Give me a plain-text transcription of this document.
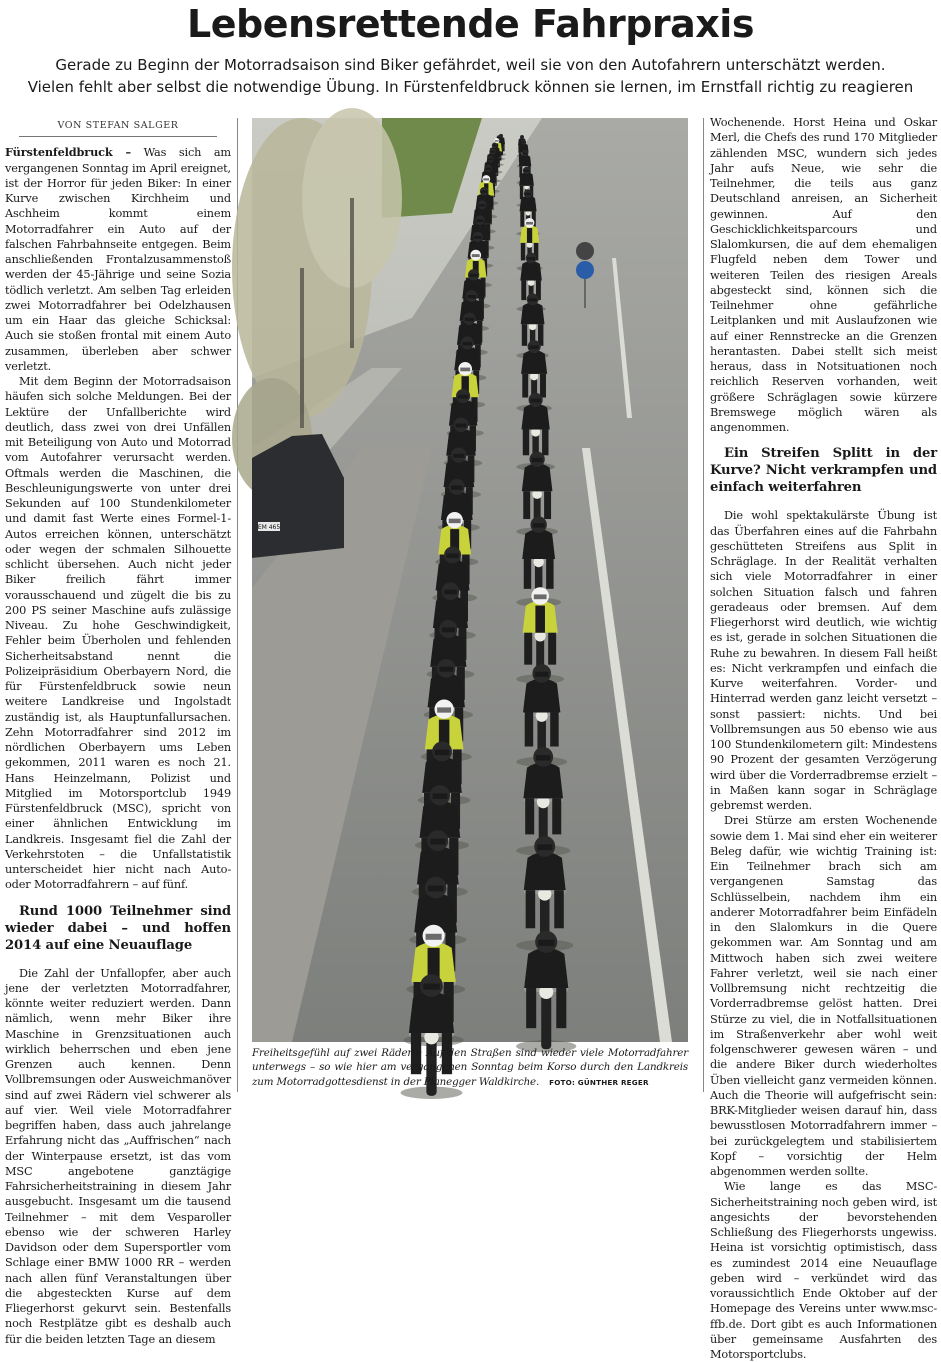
Lebensrettende Fahrpraxis

Gerade zu Beginn der Motorradsaison sind Biker gefährdet, weil sie von den Autofahrern unterschätzt werden.

Vielen fehlt aber selbst die notwendige Übung. In Fürstenfeldbruck können sie lernen, im Ernstfall richtig zu reagieren

VON STEFAN SALGER

Fürstenfeldbruck – Was sich am vergangenen Sonntag im April ereignet, ist der Horror für jeden Biker: In einer Kurve zwischen Kirchheim und Aschheim kommt einem Motorradfahrer ein Auto auf der falschen Fahrbahnseite entgegen. Beim anschließenden Frontalzusammenstoß werden der 45-Jährige und seine Sozia tödlich verletzt. Am selben Tag erleiden zwei Motorradfahrer bei Odelzhausen um ein Haar das gleiche Schicksal: Auch sie stoßen frontal mit einem Auto zusammen, überleben aber schwer verletzt.

Mit dem Beginn der Motorradsaison häufen sich solche Meldungen. Bei der Lektüre der Unfallberichte wird deutlich, dass zwei von drei Unfällen mit Beteiligung von Auto und Motorrad vom Autofahrer verursacht werden. Oftmals werden die Maschinen, die Beschleunigungswerte von unter drei Sekunden auf 100 Stundenkilometer und damit fast Werte eines Formel-1-Autos erreichen können, unterschätzt oder wegen der schmalen Silhouette schlicht übersehen. Auch nicht jeder Biker freilich fährt immer vorausschauend und zügelt die bis zu 200 PS seiner Maschine aufs zulässige Niveau. Zu hohe Geschwindigkeit, Fehler beim Überholen und fehlenden Sicherheitsabstand nennt die Polizeipräsidium Oberbayern Nord, die für Fürstenfeldbruck sowie neun weitere Landkreise und Ingolstadt zuständig ist, als Hauptunfallursachen. Zehn Motorradfahrer sind 2012 im nördlichen Oberbayern ums Leben gekommen, 2011 waren es noch 21. Hans Heinzelmann, Polizist und Mitglied im Motorsportclub 1949 Fürstenfeldbruck (MSC), spricht von einer ähnlichen Entwicklung im Landkreis. Insgesamt fiel die Zahl der Verkehrstoten – die Unfallstatistik unterscheidet hier nicht nach Auto- oder Motorradfahrern – auf fünf.

Rund 1000 Teilnehmer sind wieder dabei – und hoffen 2014 auf eine Neuauflage

Die Zahl der Unfallopfer, aber auch jene der verletzten Motorradfahrer, könnte weiter reduziert werden. Dann nämlich, wenn mehr Biker ihre Maschine in Grenzsituationen auch wirklich beherrschen und eben jene Grenzen auch kennen. Denn Vollbremsungen oder Ausweichmanöver sind auf zwei Rädern viel schwerer als auf vier. Weil viele Motorradfahrer begriffen haben, dass auch jahrelange Erfahrung nicht das „Auffrischen“ nach der Winterpause ersetzt, ist das vom MSC angebotene ganztägige Fahrsicherheitstraining in diesem Jahr ausgebucht. Insgesamt um die tausend Teilnehmer – mit dem Vesparoller ebenso wie der schweren Harley Davidson oder dem Supersportler vom Schlage einer BMW 1000 RR – werden nach allen fünf Veranstaltungen über die abgesteckten Kurse auf dem Fliegerhorst gekurvt sein. Bestenfalls noch Restplätze gibt es deshalb auch für die beiden letzten Tage an diesem

EM 465
Freiheitsgefühl auf zwei Rädern: Auf den Straßen sind wieder viele Motorradfahrer unterwegs – so wie hier am vergangenen Sonntag beim Korso durch den Landkreis zum Motorradgottesdienst in der Planegger Waldkirche. FOTO: GÜNTHER REGER

Wochenende. Horst Heina und Oskar Merl, die Chefs des rund 170 Mitglieder zählenden MSC, wundern sich jedes Jahr aufs Neue, wie sehr die Teilnehmer, die teils aus ganz Deutschland anreisen, an Sicherheit gewinnen. Auf den Geschicklichkeitsparcours und Slalomkursen, die auf dem ehemaligen Flugfeld neben dem Tower und weiteren Teilen des riesigen Areals abgesteckt sind, können sich die Teilnehmer ohne gefährliche Leitplanken und mit Auslaufzonen wie auf einer Rennstrecke an die Grenzen herantasten. Dabei stellt sich meist heraus, dass in Notsituationen noch reichlich Reserven vorhanden, weit größere Schräglagen sowie kürzere Bremswege möglich wären als angenommen.

Ein Streifen Splitt in der Kurve? Nicht verkrampfen und einfach weiterfahren

Die wohl spektakulärste Übung ist das Überfahren eines auf die Fahrbahn geschütteten Streifens aus Split in Schräglage. In der Realität verhalten sich viele Motorradfahrer in einer solchen Situation falsch und fahren geradeaus oder bremsen. Auf dem Fliegerhorst wird deutlich, wie wichtig es ist, gerade in solchen Situationen die Ruhe zu bewahren. In diesem Fall heißt es: Nicht verkrampfen und einfach die Kurve weiterfahren. Vorder- und Hinterrad werden ganz leicht versetzt – sonst passiert: nichts. Und bei Vollbremsungen aus 50 ebenso wie aus 100 Stundenkilometern gilt: Mindestens 90 Prozent der gesamten Verzögerung wird über die Vorderradbremse erzielt – in Maßen kann sogar in Schräglage gebremst werden.

Drei Stürze am ersten Wochenende sowie dem 1. Mai sind eher ein weiterer Beleg dafür, wie wichtig Training ist: Ein Teilnehmer brach sich am vergangenen Samstag das Schlüsselbein, nachdem ihm ein anderer Motorradfahrer beim Einfädeln in den Slalomkurs in die Quere gekommen war. Am Sonntag und am Mittwoch haben sich zwei weitere Fahrer verletzt, weil sie nach einer Vollbremsung nicht rechtzeitig die Vorderradbremse gelöst hatten. Drei Stürze zu viel, die in Notfallsituationen im Straßenverkehr aber wohl weit folgenschwerer gewesen wären – und die andere Biker durch wiederholtes Üben vielleicht ganz vermeiden können. Auch die Theorie will aufgefrischt sein: BRK-Mitglieder weisen darauf hin, dass bewusstlosen Motorradfahrern immer – bei zurückgelegtem und stabilisiertem Kopf – vorsichtig der Helm abgenommen werden sollte.

Wie lange es das MSC-Sicherheitstraining noch geben wird, ist angesichts der bevorstehenden Schließung des Fliegerhorsts ungewiss. Heina ist vorsichtig optimistisch, dass es zumindest 2014 eine Neuauflage geben wird – verkündet wird das voraussichtlich Ende Oktober auf der Homepage des Vereins unter www.msc-ffb.de. Dort gibt es auch Informationen über gemeinsame Ausfahrten des Motorsportclubs.
